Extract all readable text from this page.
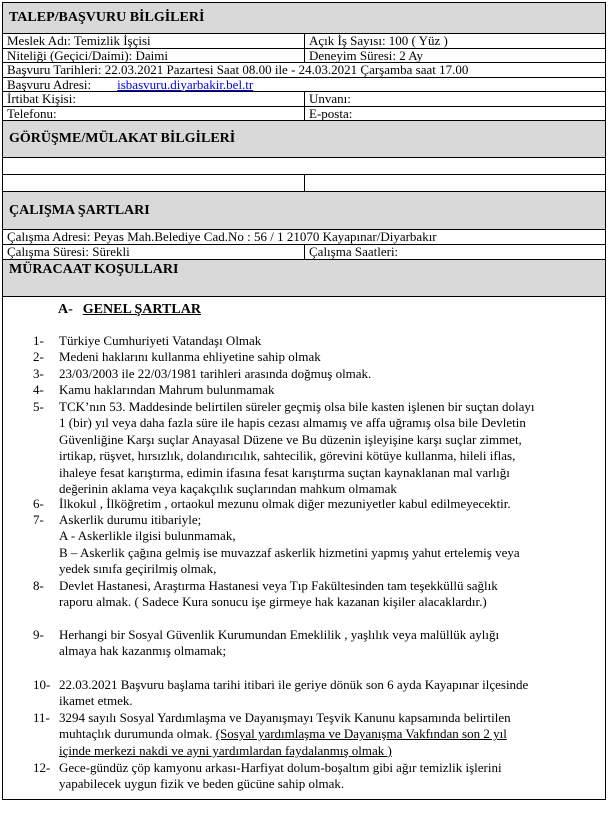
TALEP/BAŞVURU BİLGİLERİ
Meslek Adı: Temizlik İşçisi	Açık İş Sayısı: 100 ( Yüz )
Niteliği (Geçici/Daimi): Daimi	Deneyim Süresi: 2 Ay
Başvuru Tarihleri: 22.03.2021 Pazartesi Saat 08.00 ile - 24.03.2021 Çarşamba saat 17.00
Başvuru Adresi: isbasvuru.diyarbakir.bel.tr
İrtibat Kişisi:	Unvanı:
Telefonu:	E-posta:
GÖRÜŞME/MÜLAKAT BİLGİLERİ
ÇALIŞMA ŞARTLARI
Çalışma Adresi: Peyas Mah.Belediye Cad.No : 56 / 1 21070 Kayapınar/Diyarbakır
Çalışma Süresi: Sürekli	Çalışma Saatleri:
MÜRACAAT KOŞULLARI
A- GENEL ŞARTLAR
1-	Türkiye Cumhuriyeti Vatandaşı Olmak
2-	Medeni haklarını kullanma ehliyetine sahip olmak
3-	23/03/2003 ile 22/03/1981 tarihleri arasında doğmuş olmak.
4-	Kamu haklarından Mahrum bulunmamak
5-	TCK’nın 53. Maddesinde belirtilen süreler geçmiş olsa bile kasten işlenen bir suçtan dolayı
1 (bir) yıl veya daha fazla süre ile hapis cezası almamış ve affa uğramış olsa bile Devletin
Güvenliğine Karşı suçlar Anayasal Düzene ve Bu düzenin işleyişine karşı suçlar zimmet,
irtikap, rüşvet, hırsızlık, dolandırıcılık, sahtecilik, görevini kötüye kullanma, hileli iflas,
ihaleye fesat karıştırma, edimin ifasına fesat karıştırma suçtan kaynaklanan mal varlığı
değerinin aklama veya kaçakçılık suçlarından mahkum olmamak
6-	İlkokul , İlköğretim , ortaokul mezunu olmak diğer mezuniyetler kabul edilmeyecektir.
7-	Askerlik durumu itibariyle;
A - Askerlikle ilgisi bulunmamak,
B – Askerlik çağına gelmiş ise muvazzaf askerlik hizmetini yapmış yahut ertelemiş veya
yedek sınıfa geçirilmiş olmak,
8-	Devlet Hastanesi, Araştırma Hastanesi veya Tıp Fakültesinden tam teşekküllü sağlık
raporu almak. ( Sadece Kura sonucu işe girmeye hak kazanan kişiler alacaklardır.)
9-	Herhangi bir Sosyal Güvenlik Kurumundan Emeklilik , yaşlılık veya malüllük aylığı
almaya hak kazanmış olmamak;
10- 22.03.2021 Başvuru başlama tarihi itibari ile geriye dönük son 6 ayda Kayapınar ilçesinde
ikamet etmek.
11- 3294 sayılı Sosyal Yardımlaşma ve Dayanışmayı Teşvik Kanunu kapsamında belirtilen
muhtaçlık durumunda olmak. (Sosyal yardımlaşma ve Dayanışma Vakfından son 2 yıl
içinde merkezi nakdi ve ayni yardımlardan faydalanmış olmak )
12- Gece-gündüz çöp kamyonu arkası-Harfiyat dolum-boşaltım gibi ağır temizlik işlerini
yapabilecek uygun fizik ve beden gücüne sahip olmak.
